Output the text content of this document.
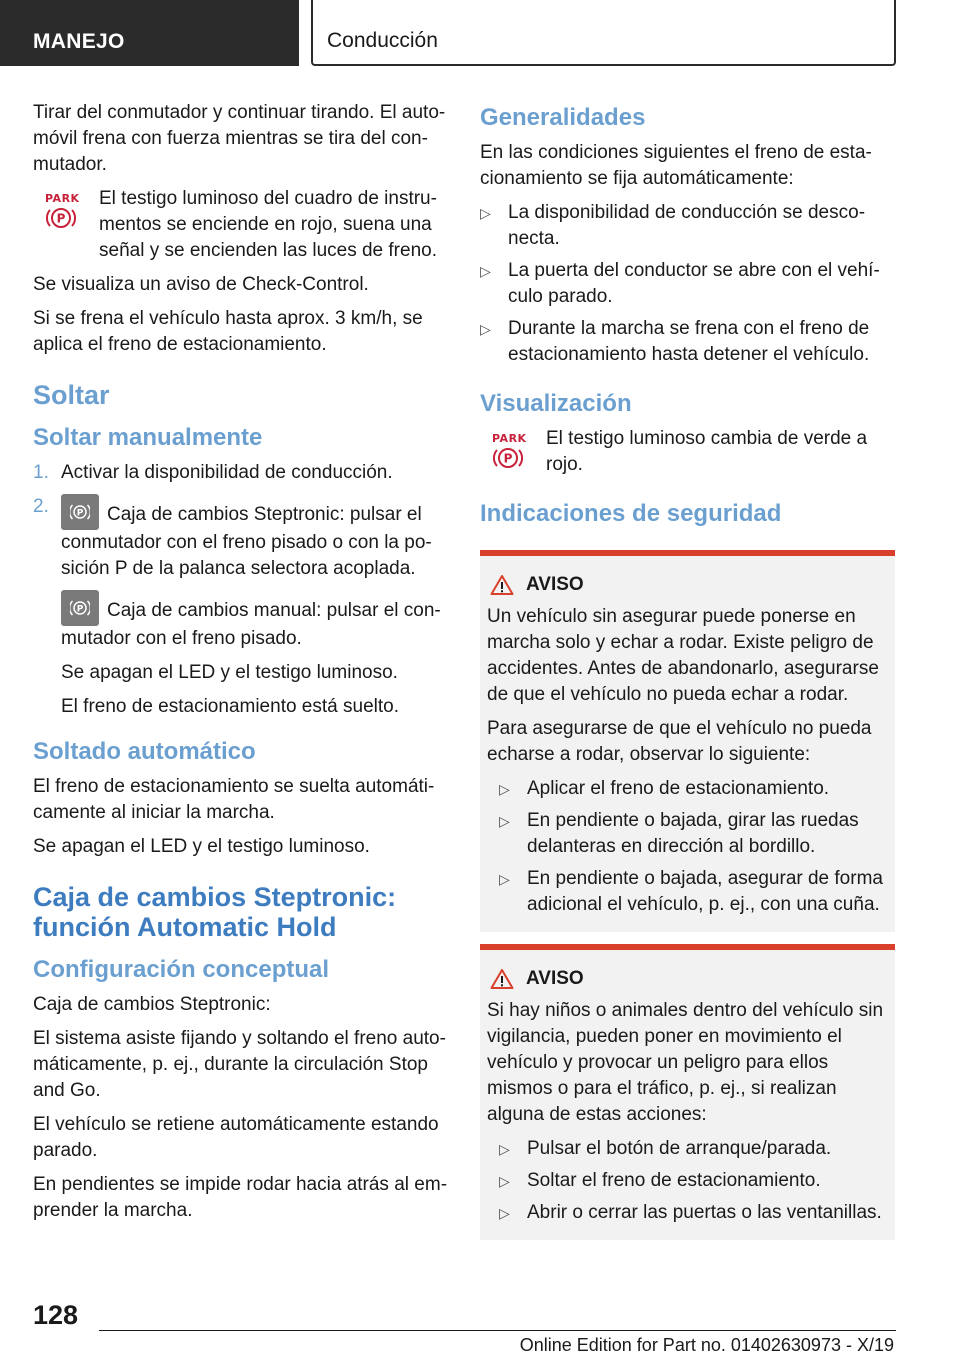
MANEJO	Conducción

Tirar del conmutador y continuar tirando. El automóvil frena con fuerza mientras se tira del conmutador.

PARK
P

El testigo luminoso del cuadro de instrumentos se enciende en rojo, suena una señal y se encienden las luces de freno.

Se visualiza un aviso de Check-Control.

Si se frena el vehículo hasta aprox. 3 km/h, se aplica el freno de estacionamiento.

Soltar
Soltar manualmente
1. Activar la disponibilidad de conducción.
2.	P Caja de cambios Steptronic: pulsar el conmutador con el freno pisado o con la posición P de la palanca selectora acoplada.
P Caja de cambios manual: pulsar el conmutador con el freno pisado.
Se apagan el LED y el testigo luminoso.
El freno de estacionamiento está suelto.
Soltado automático

El freno de estacionamiento se suelta automáticamente al iniciar la marcha.

Se apagan el LED y el testigo luminoso.

Caja de cambios Steptronic: función Automatic Hold
Configuración conceptual

Caja de cambios Steptronic:

El sistema asiste fijando y soltando el freno automáticamente, p. ej., durante la circulación Stop and Go.

El vehículo se retiene automáticamente estando parado.

En pendientes se impide rodar hacia atrás al emprender la marcha.

Generalidades

En las condiciones siguientes el freno de estacionamiento se fija automáticamente:

▷ La disponibilidad de conducción se desconecta.
▷ La puerta del conductor se abre con el vehículo parado.
▷ Durante la marcha se frena con el freno de estacionamiento hasta detener el vehículo.
Visualización
PARK
P

El testigo luminoso cambia de verde a rojo.

Indicaciones de seguridad
AVISO

Un vehículo sin asegurar puede ponerse en marcha solo y echar a rodar. Existe peligro de accidentes. Antes de abandonarlo, asegurarse de que el vehículo no pueda echar a rodar.

Para asegurarse de que el vehículo no pueda echarse a rodar, observar lo siguiente:

▷ Aplicar el freno de estacionamiento.
▷ En pendiente o bajada, girar las ruedas delanteras en dirección al bordillo.
▷ En pendiente o bajada, asegurar de forma adicional el vehículo, p. ej., con una cuña.
AVISO

Si hay niños o animales dentro del vehículo sin vigilancia, pueden poner en movimiento el vehículo y provocar un peligro para ellos mismos o para el tráfico, p. ej., si realizan alguna de estas acciones:

▷ Pulsar el botón de arranque/parada.
▷ Soltar el freno de estacionamiento.
▷ Abrir o cerrar las puertas o las ventanillas.
128
Online Edition for Part no. 01402630973 - X/19
